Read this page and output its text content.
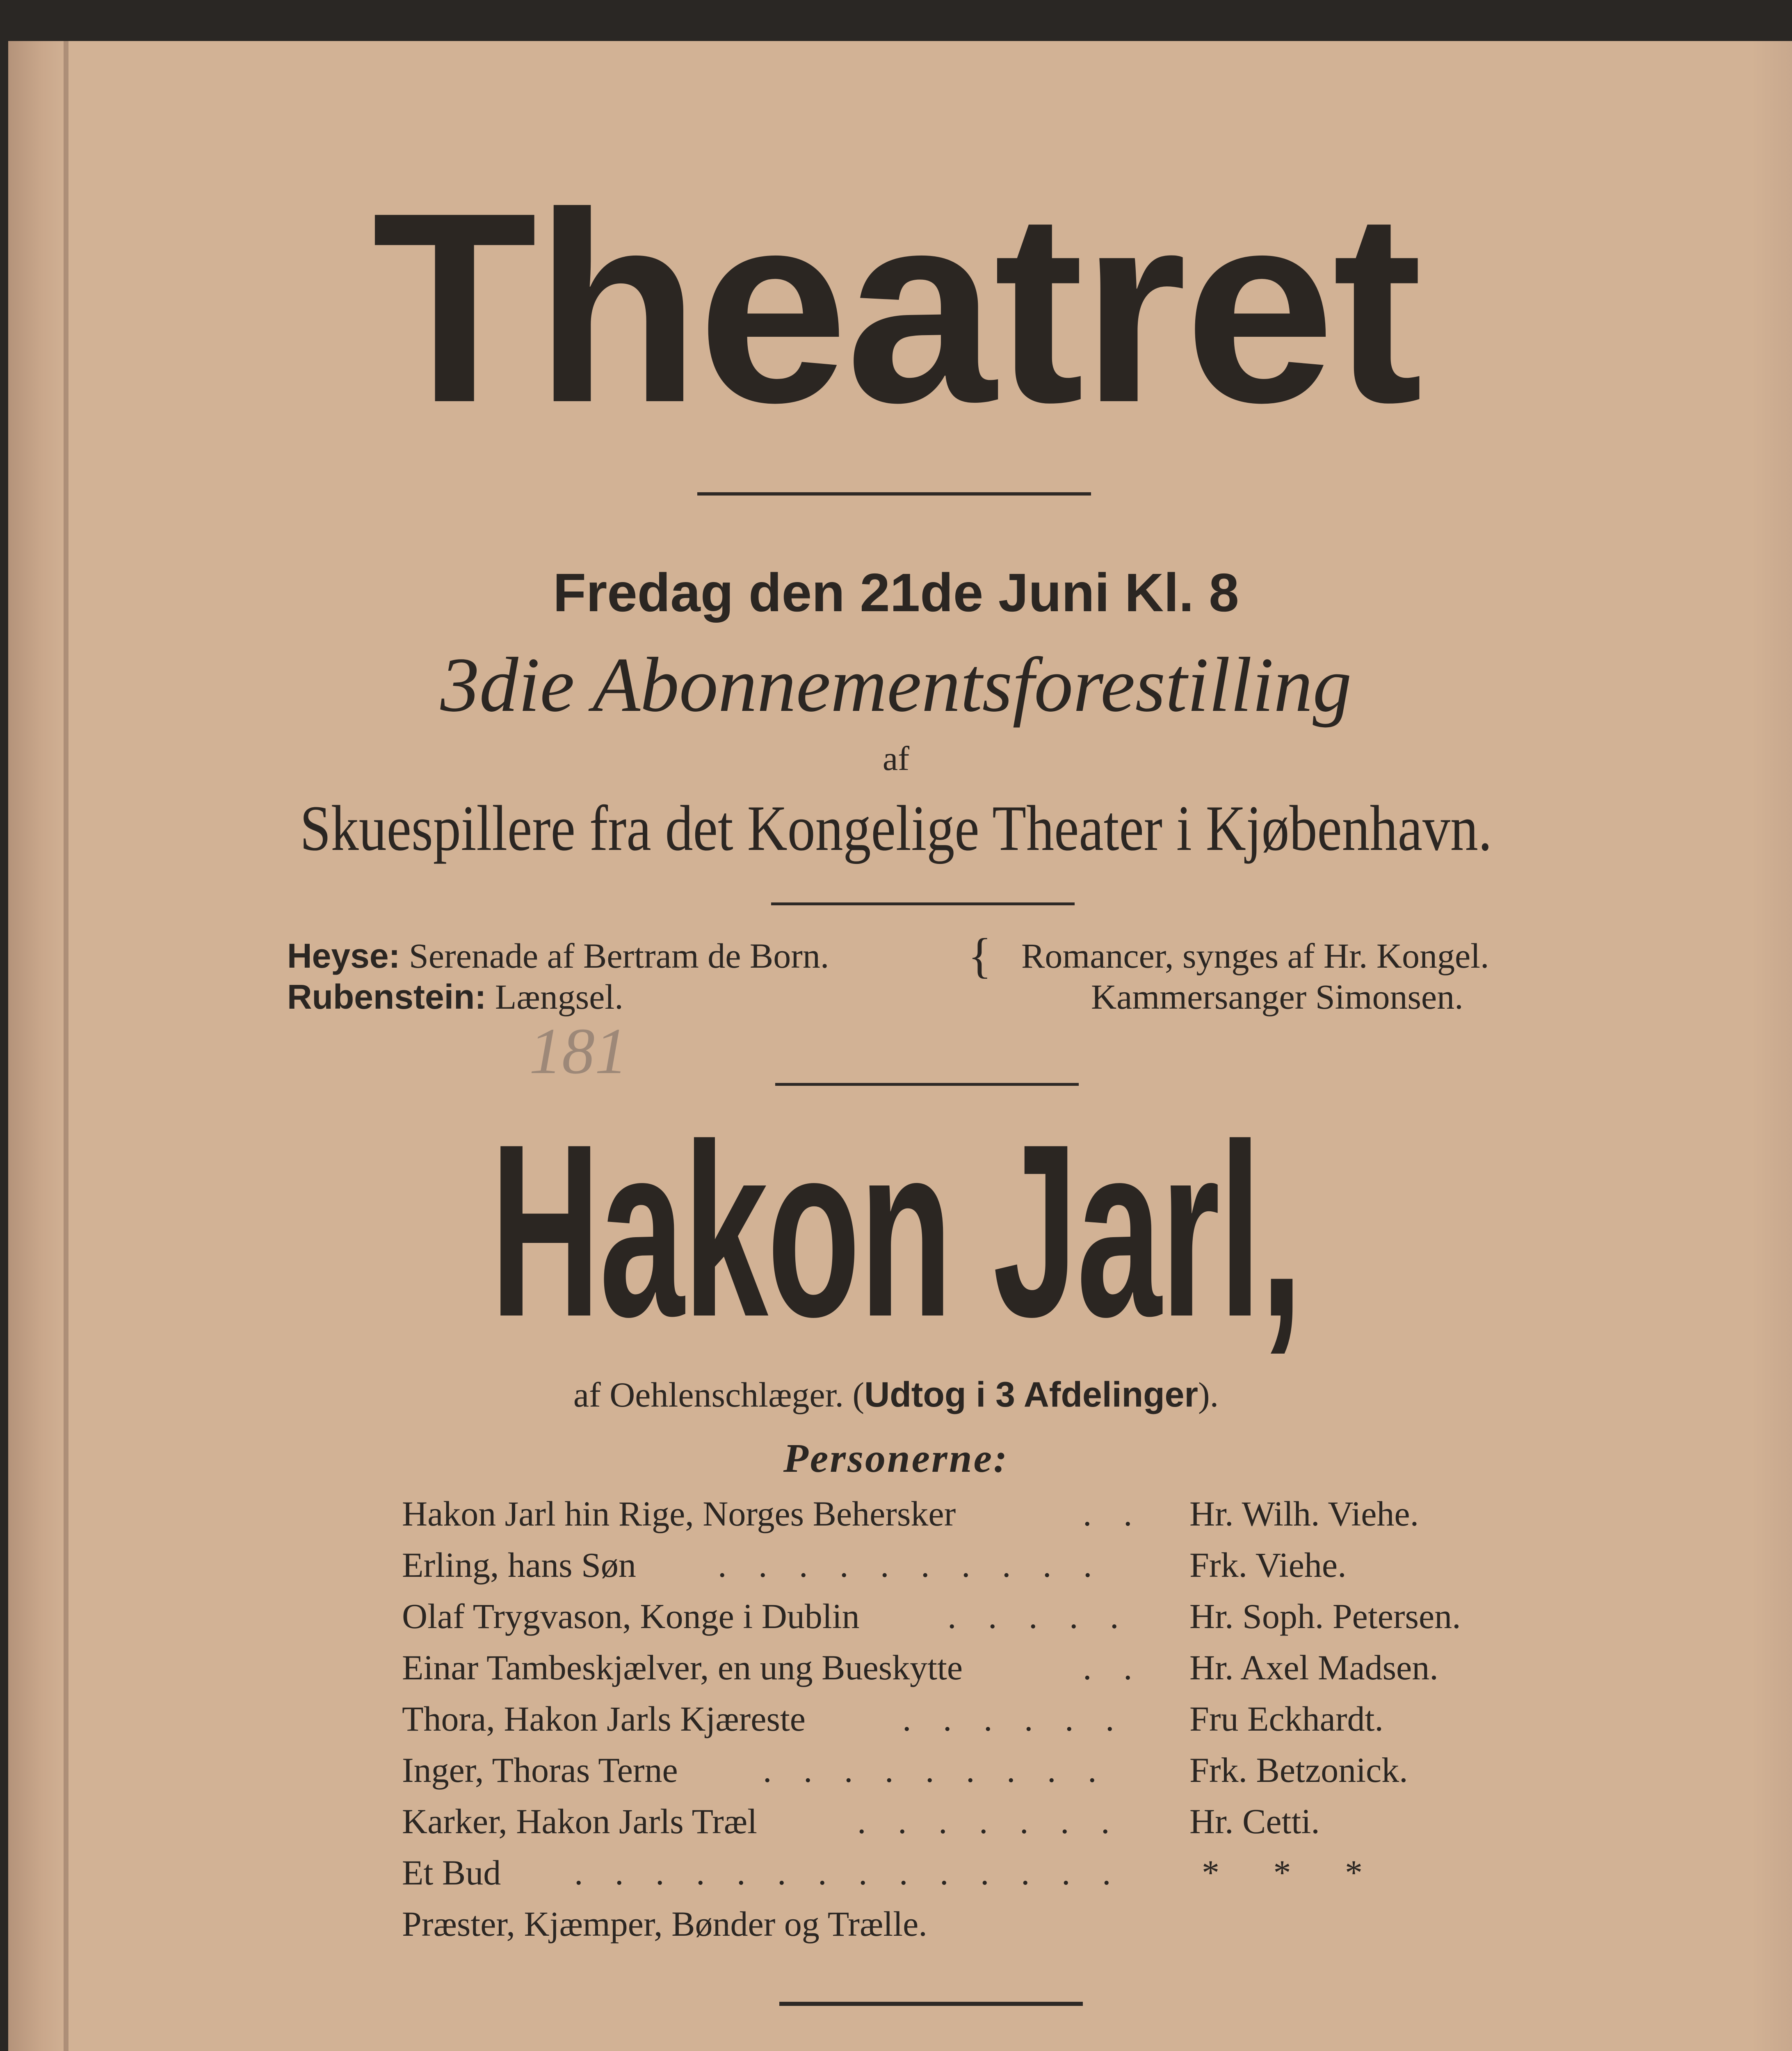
Theatret
Fredag den 21de Juni Kl. 8
3die Abonnementsforestilling
af
Skuespillere fra det Kongelige Theater i Kjøbenhavn.
Heyse: Serenade af Bertram de Born.
Rubenstein: Længsel.
{ Romancer, synges af Hr. Kongel.
Kammersanger Simonsen.
181
Hakon Jarl,
af Oehlenschlæger. (Udtog i 3 Afdelinger).
Personerne:
Hakon Jarl hin Rige, Norges Behersker	. . Hr. Wilh. Viehe.
Erling, hans Søn . . . . . . . . . . Frk. Viehe.
Olaf Trygvason, Konge i Dublin . . . . . Hr. Soph. Petersen.
Einar Tambeskjælver, en ung Bueskytte	. . Hr. Axel Madsen.
Thora, Hakon Jarls Kjæreste	. . . . . . Fru Eckhardt.
Inger, Thoras Terne . . . . . . . . . Frk. Betzonick.
Karker, Hakon Jarls Træl	. . . . . . . Hr. Cetti.
Et Bud . . . . . . . . . . . . . . * * *
Præster, Kjæmper, Bønder og Trælle.
